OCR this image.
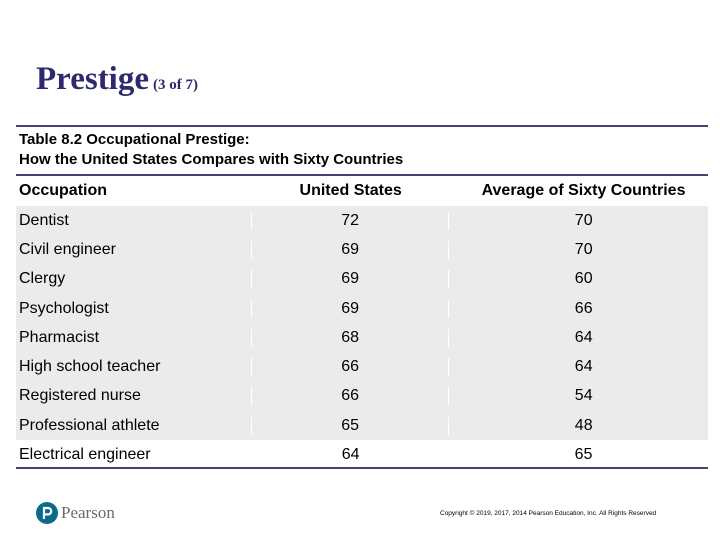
Prestige (3 of 7)
Table 8.2 Occupational Prestige:
How the United States Compares with Sixty Countries
Occupation	United States	Average of Sixty Countries
Dentist	72	70
Civil engineer	69	70
Clergy	69	60
Psychologist	69	66
Pharmacist	68	64
High school teacher	66	64
Registered nurse	66	54
Professional athlete	65	48
Electrical engineer	64	65
Pearson	Copyright © 2019, 2017, 2014 Pearson Education, Inc. All Rights Reserved
